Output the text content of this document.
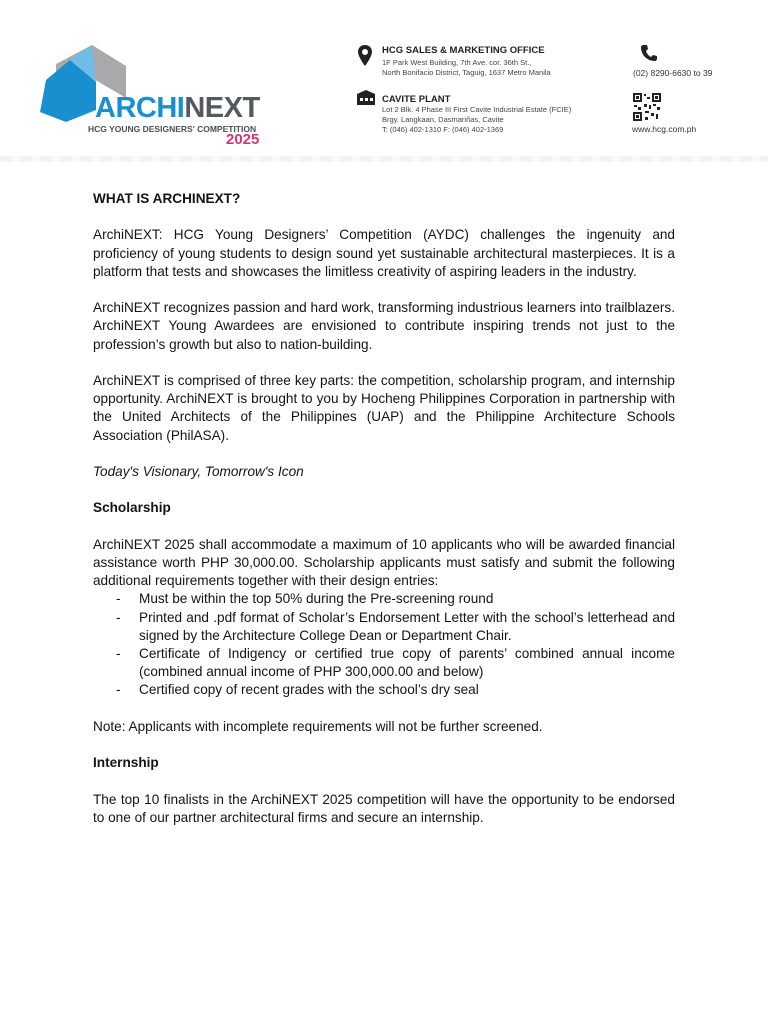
ARCHINEXT
HCG YOUNG DESIGNERS' COMPETITION
2025
HCG SALES & MARKETING OFFICE
1F Park West Building, 7th Ave. cor. 36th St.,
North Bonifacio District, Taguig, 1637 Metro Manila
CAVITE PLANT
Lot 2 Blk. 4 Phase III First Cavite Industrial Estate (FCIE)
Brgy. Langkaan, Dasmariñas, Cavite
T: (046) 402-1310 F: (046) 402-1369
(02) 8290-6630 to 39
www.hcg.com.ph

WHAT IS ARCHINEXT?

ArchiNEXT: HCG Young Designers’ Competition (AYDC) challenges the ingenuity and proficiency of young students to design sound yet sustainable architectural masterpieces. It is a platform that tests and showcases the limitless creativity of aspiring leaders in the industry.

ArchiNEXT recognizes passion and hard work, transforming industrious learners into trailblazers. ArchiNEXT Young Awardees are envisioned to contribute inspiring trends not just to the profession’s growth but also to nation-building.

ArchiNEXT is comprised of three key parts: the competition, scholarship program, and internship opportunity. ArchiNEXT is brought to you by Hocheng Philippines Corporation in partnership with the United Architects of the Philippines (UAP) and the Philippine Architecture Schools Association (PhilASA).

Today's Visionary, Tomorrow's Icon

Scholarship

ArchiNEXT 2025 shall accommodate a maximum of 10 applicants who will be awarded financial assistance worth PHP 30,000.00. Scholarship applicants must satisfy and submit the following additional requirements together with their design entries:

- Must be within the top 50% during the Pre-screening round
- Printed and .pdf format of Scholar’s Endorsement Letter with the school’s letterhead and signed by the Architecture College Dean or Department Chair.
- Certificate of Indigency or certified true copy of parents’ combined annual income (combined annual income of PHP 300,000.00 and below)
- Certified copy of recent grades with the school’s dry seal

Note: Applicants with incomplete requirements will not be further screened.

Internship

The top 10 finalists in the ArchiNEXT 2025 competition will have the opportunity to be endorsed to one of our partner architectural firms and secure an internship.
